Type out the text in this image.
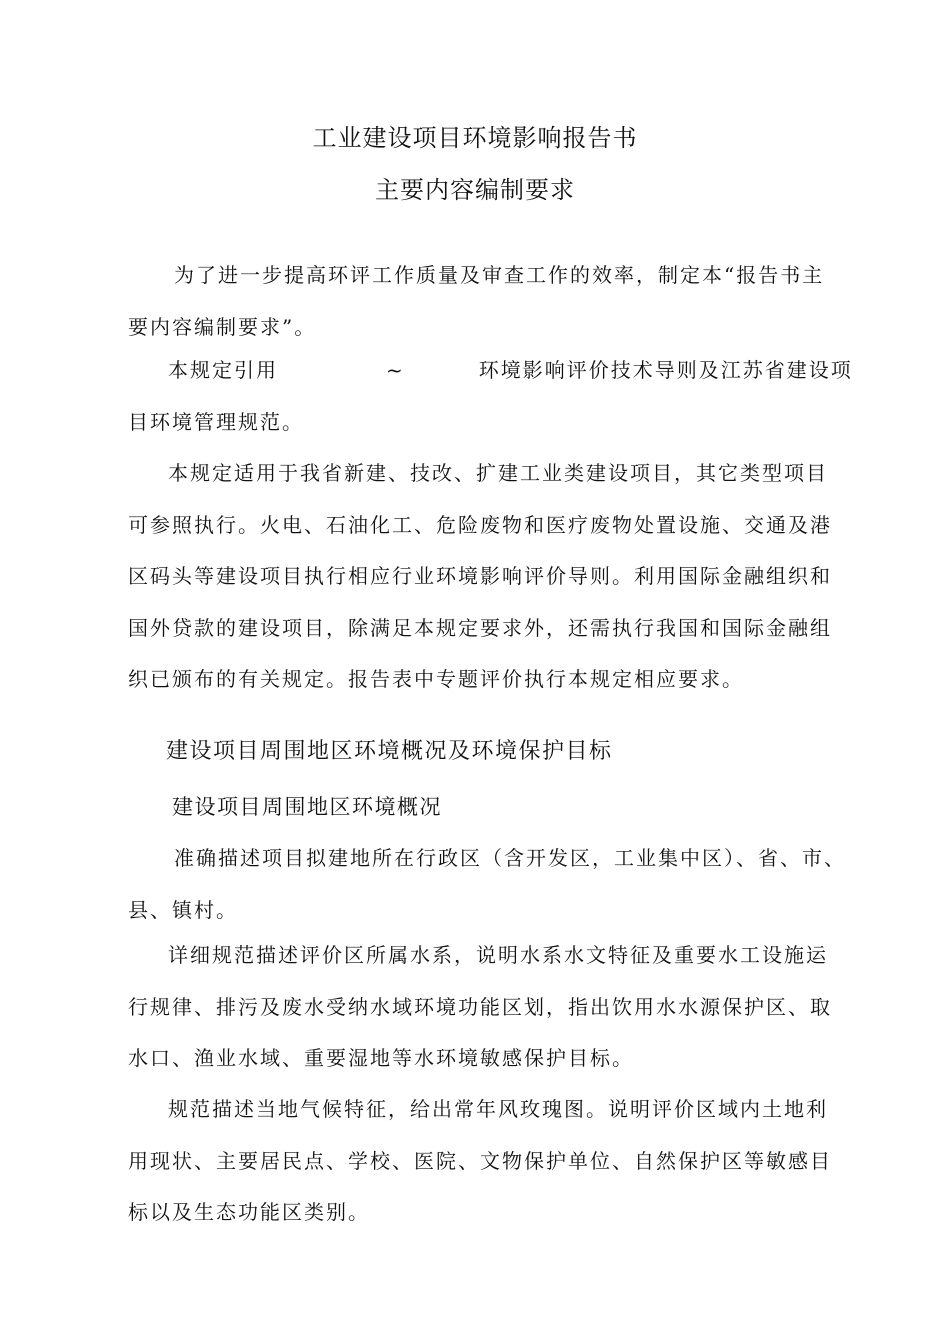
工业建设项目环境影响报告书
主要内容编制要求
为了进一步提高环评工作质量及审查工作的效率，制定本“报告书主
要内容编制要求”。
本规定引用	~	环境影响评价技术导则及江苏省建设项
目环境管理规范。
本规定适用于我省新建、技改、扩建工业类建设项目，其它类型项目
可参照执行。火电、石油化工、危险废物和医疗废物处置设施、交通及港
区码头等建设项目执行相应行业环境影响评价导则。利用国际金融组织和
国外贷款的建设项目，除满足本规定要求外，还需执行我国和国际金融组
织已颁布的有关规定。报告表中专题评价执行本规定相应要求。
建设项目周围地区环境概况及环境保护目标
建设项目周围地区环境概况
准确描述项目拟建地所在行政区（含开发区，工业集中区）、省、市、
县、镇村。
详细规范描述评价区所属水系，说明水系水文特征及重要水工设施运
行规律、排污及废水受纳水域环境功能区划，指出饮用水水源保护区、取
水口、渔业水域、重要湿地等水环境敏感保护目标。
规范描述当地气候特征，给出常年风玫瑰图。说明评价区域内土地利
用现状、主要居民点、学校、医院、文物保护单位、自然保护区等敏感目
标以及生态功能区类别。
